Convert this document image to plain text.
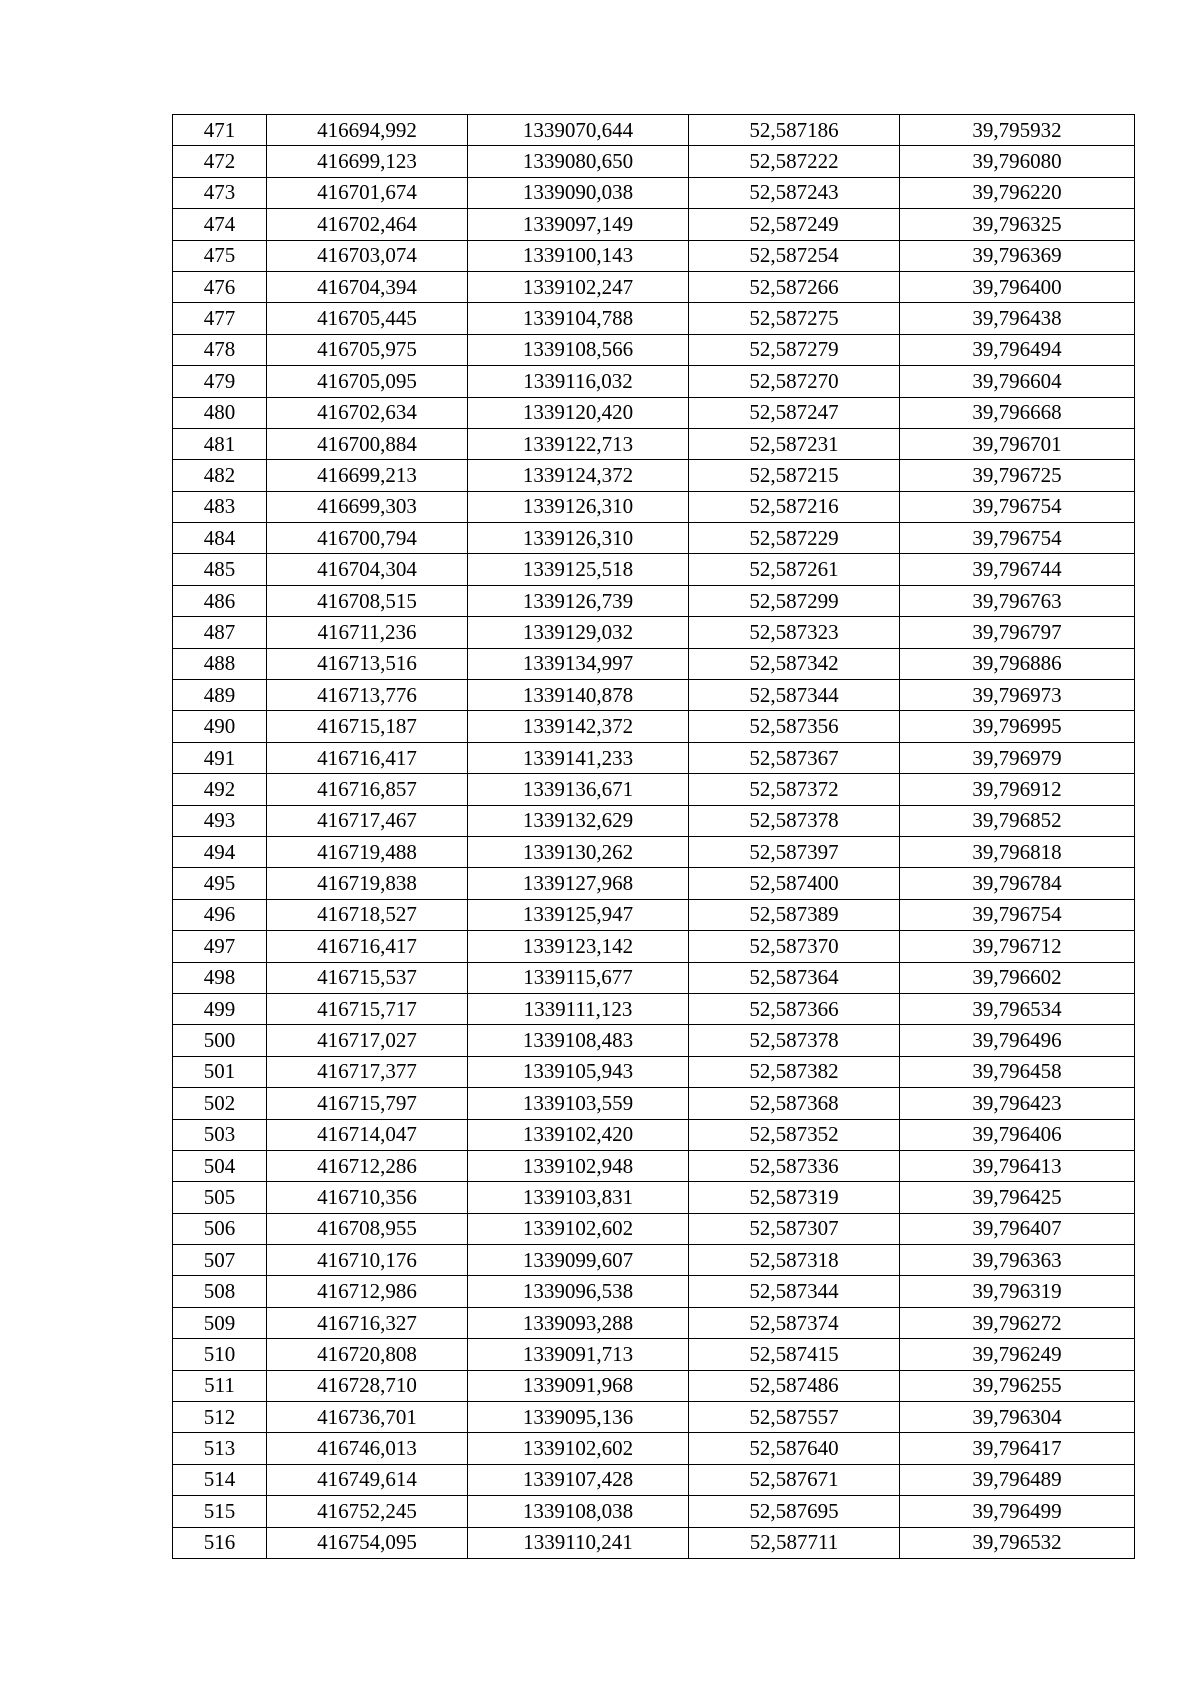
471	416694,992	1339070,644	52,587186	39,795932
472	416699,123	1339080,650	52,587222	39,796080
473	416701,674	1339090,038	52,587243	39,796220
474	416702,464	1339097,149	52,587249	39,796325
475	416703,074	1339100,143	52,587254	39,796369
476	416704,394	1339102,247	52,587266	39,796400
477	416705,445	1339104,788	52,587275	39,796438
478	416705,975	1339108,566	52,587279	39,796494
479	416705,095	1339116,032	52,587270	39,796604
480	416702,634	1339120,420	52,587247	39,796668
481	416700,884	1339122,713	52,587231	39,796701
482	416699,213	1339124,372	52,587215	39,796725
483	416699,303	1339126,310	52,587216	39,796754
484	416700,794	1339126,310	52,587229	39,796754
485	416704,304	1339125,518	52,587261	39,796744
486	416708,515	1339126,739	52,587299	39,796763
487	416711,236	1339129,032	52,587323	39,796797
488	416713,516	1339134,997	52,587342	39,796886
489	416713,776	1339140,878	52,587344	39,796973
490	416715,187	1339142,372	52,587356	39,796995
491	416716,417	1339141,233	52,587367	39,796979
492	416716,857	1339136,671	52,587372	39,796912
493	416717,467	1339132,629	52,587378	39,796852
494	416719,488	1339130,262	52,587397	39,796818
495	416719,838	1339127,968	52,587400	39,796784
496	416718,527	1339125,947	52,587389	39,796754
497	416716,417	1339123,142	52,587370	39,796712
498	416715,537	1339115,677	52,587364	39,796602
499	416715,717	1339111,123	52,587366	39,796534
500	416717,027	1339108,483	52,587378	39,796496
501	416717,377	1339105,943	52,587382	39,796458
502	416715,797	1339103,559	52,587368	39,796423
503	416714,047	1339102,420	52,587352	39,796406
504	416712,286	1339102,948	52,587336	39,796413
505	416710,356	1339103,831	52,587319	39,796425
506	416708,955	1339102,602	52,587307	39,796407
507	416710,176	1339099,607	52,587318	39,796363
508	416712,986	1339096,538	52,587344	39,796319
509	416716,327	1339093,288	52,587374	39,796272
510	416720,808	1339091,713	52,587415	39,796249
511	416728,710	1339091,968	52,587486	39,796255
512	416736,701	1339095,136	52,587557	39,796304
513	416746,013	1339102,602	52,587640	39,796417
514	416749,614	1339107,428	52,587671	39,796489
515	416752,245	1339108,038	52,587695	39,796499
516	416754,095	1339110,241	52,587711	39,796532
